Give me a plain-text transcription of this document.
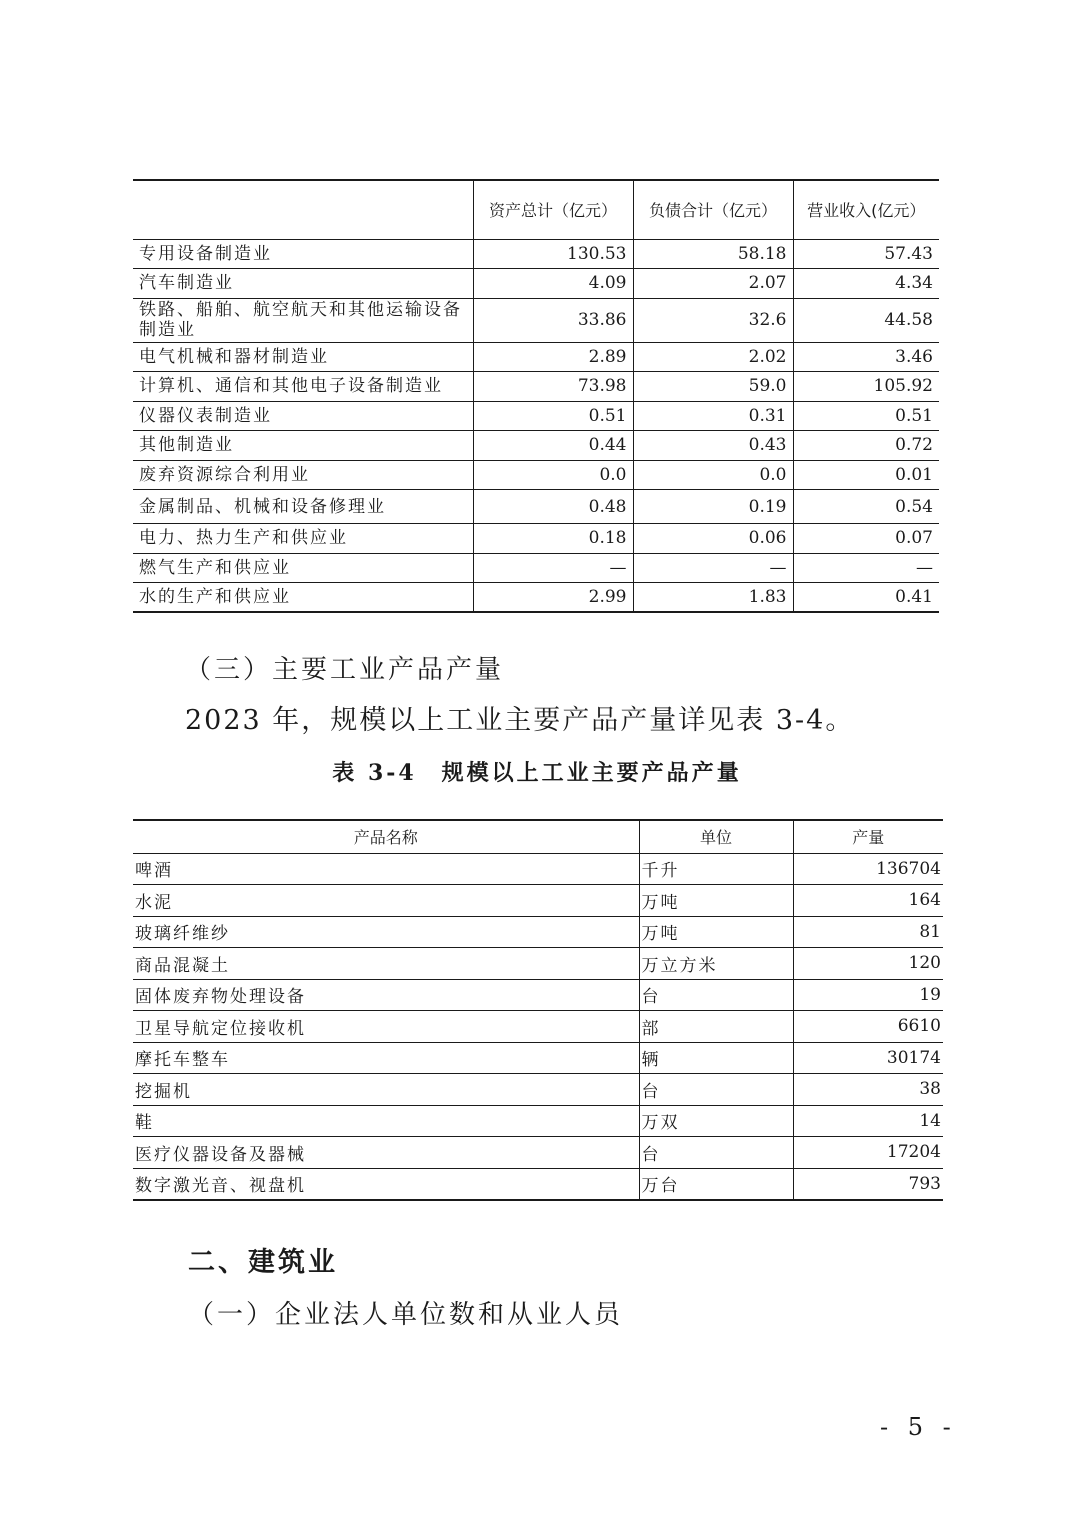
	资产总计（亿元）	负债合计（亿元）	营业收入(亿元）
专用设备制造业	130.53	58.18	57.43
汽车制造业	4.09	2.07	4.34
铁路、船舶、航空航天和其他运输设备制造业	33.86	32.6	44.58
电气机械和器材制造业	2.89	2.02	3.46
计算机、通信和其他电子设备制造业	73.98	59.0	105.92
仪器仪表制造业	0.51	0.31	0.51
其他制造业	0.44	0.43	0.72
废弃资源综合利用业	0.0	0.0	0.01
金属制品、机械和设备修理业	0.48	0.19	0.54
电力、热力生产和供应业	0.18	0.06	0.07
燃气生产和供应业	—	—	—
水的生产和供应业	2.99	1.83	0.41
（三）主要工业产品产量
2023 年，规模以上工业主要产品产量详见表 3-4。
表 3-4　规模以上工业主要产品产量
产品名称	单位	产量
啤酒	千升	136704
水泥	万吨	164
玻璃纤维纱	万吨	81
商品混凝土	万立方米	120
固体废弃物处理设备	台	19
卫星导航定位接收机	部	6610
摩托车整车	辆	30174
挖掘机	台	38
鞋	万双	14
医疗仪器设备及器械	台	17204
数字激光音、视盘机	万台	793
二、建筑业
（一）企业法人单位数和从业人员
- 5 -
